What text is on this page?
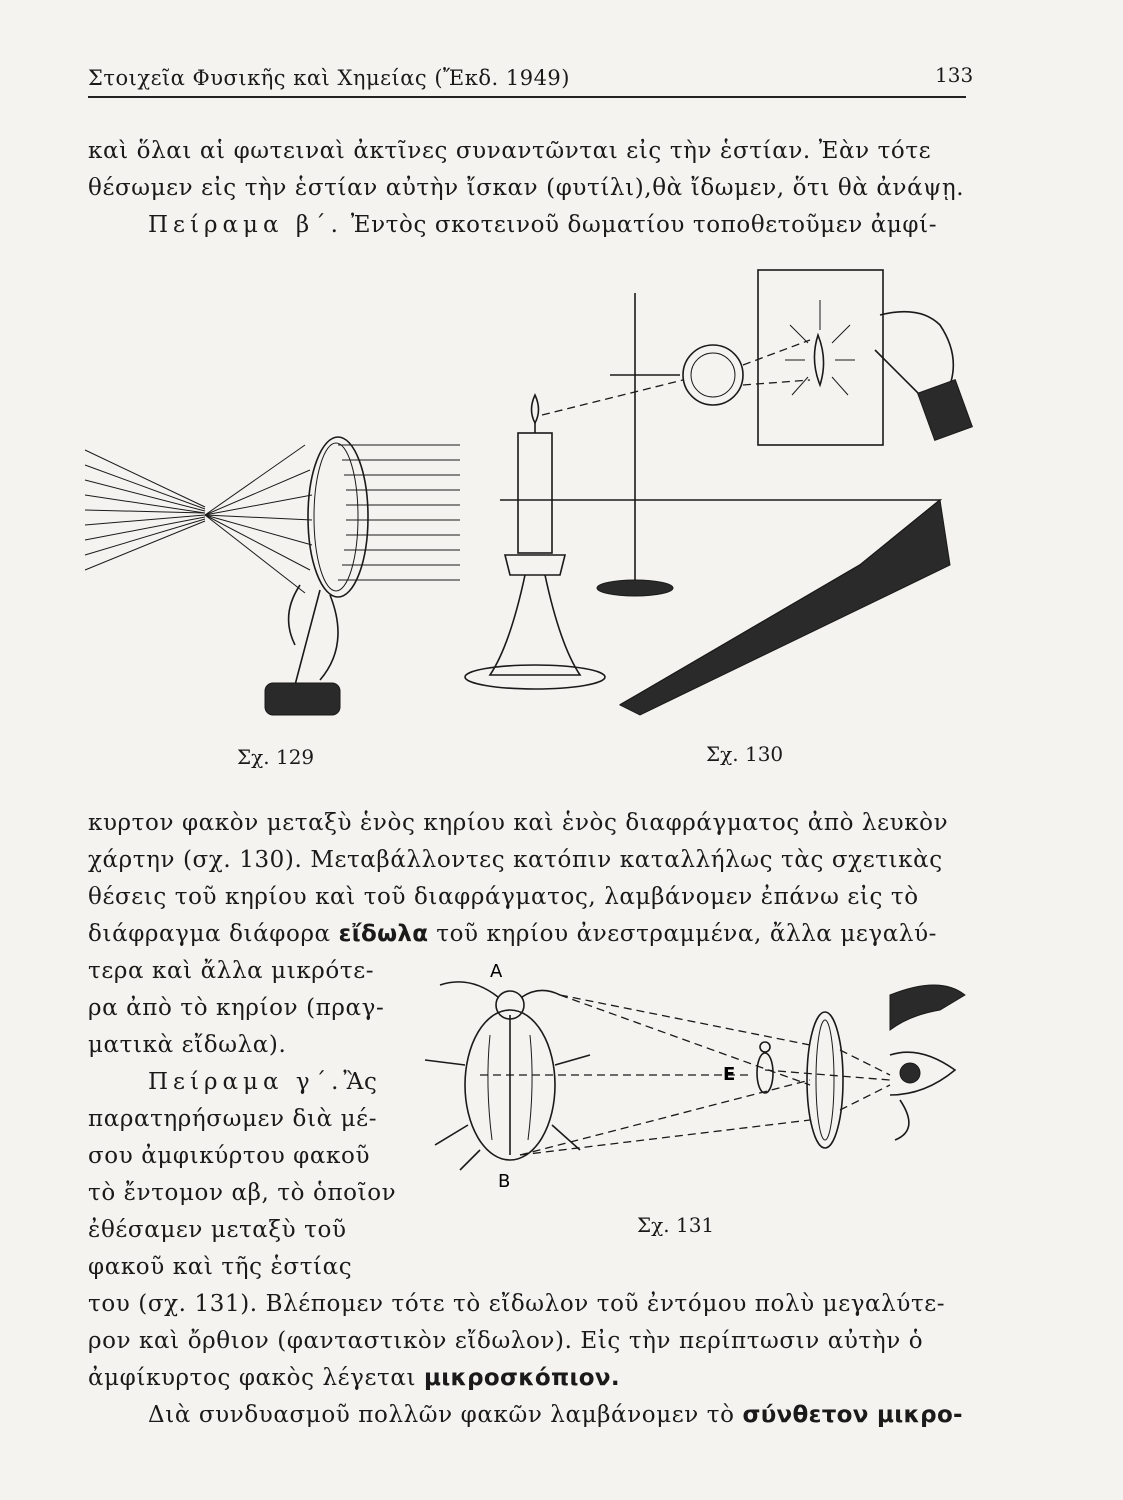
Στοιχεῖα Φυσικῆς καὶ Χημείας (Ἔκδ. 1949)	133
καὶ ὅλαι αἱ φωτειναὶ ἀκτῖνες συναντῶνται εἰς τὴν ἑστίαν. Ἐὰν τότε
θέσωμεν εἰς τὴν ἑστίαν αὐτὴν ἴσκαν (φυτίλι),θὰ ἴδωμεν, ὅτι θὰ ἀνάψῃ.
Πείραμα β΄. Ἐντὸς σκοτεινοῦ δωματίου τοποθετοῦμεν ἀμφί-
Σχ. 129	Σχ. 130
κυρτον φακὸν μεταξὺ ἑνὸς κηρίου καὶ ἑνὸς διαφράγματος ἀπὸ λευκὸν
χάρτην (σχ. 130). Μεταβάλλοντες κατόπιν καταλλήλως τὰς σχετικὰς
θέσεις τοῦ κηρίου καὶ τοῦ διαφράγματος, λαμβάνομεν ἐπάνω εἰς τὸ
διάφραγμα διάφορα εἴδωλα τοῦ κηρίου ἀνεστραμμένα, ἄλλα μεγαλύ-
τερα καὶ ἄλλα μικρότε-
ρα ἀπὸ τὸ κηρίον (πραγ-
ματικὰ εἴδωλα).
Πείραμα γ΄.Ἂς
παρατηρήσωμεν διὰ μέ-
σου ἀμφικύρτου φακοῦ
τὸ ἔντομον αβ, τὸ ὁποῖον
ἐθέσαμεν μεταξὺ τοῦ
φακοῦ καὶ τῆς ἑστίας
Α
Β
Ε
Σχ. 131
του (σχ. 131). Βλέπομεν τότε τὸ εἴδωλον τοῦ ἐντόμου πολὺ μεγαλύτε-
ρον καὶ ὄρθιον (φανταστικὸν εἴδωλον). Εἰς τὴν περίπτωσιν αὐτὴν ὁ
ἀμφίκυρτος φακὸς λέγεται μικροσκόπιον.
Διὰ συνδυασμοῦ πολλῶν φακῶν λαμβάνομεν τὸ σύνθετον μικρο-
